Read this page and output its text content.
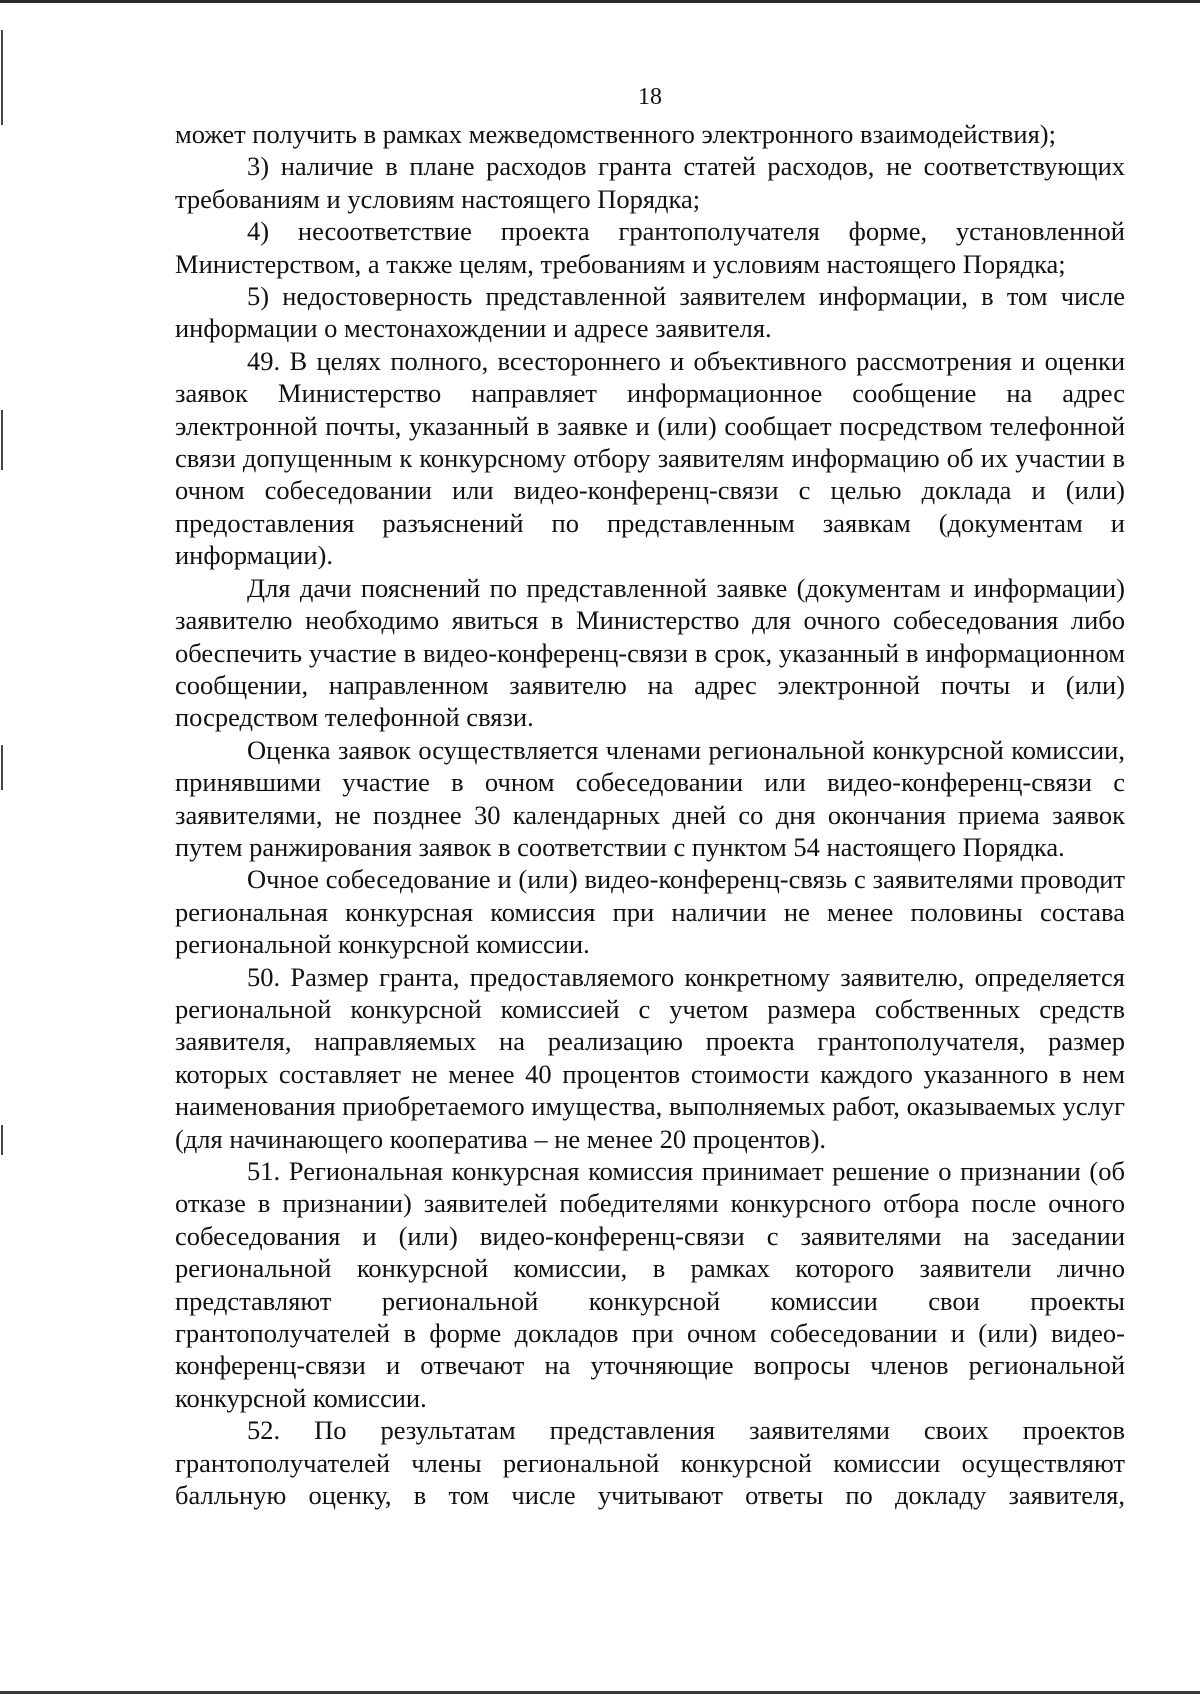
18

может получить в рамках межведомственного электронного взаимодействия);

3) наличие в плане расходов гранта статей расходов, не соответствующих требованиям и условиям настоящего Порядка;

4) несоответствие проекта грантополучателя форме, установленной Министерством, а также целям, требованиям и условиям настоящего Порядка;

5) недостоверность представленной заявителем информации, в том числе информации о местонахождении и адресе заявителя.

49. В целях полного, всестороннего и объективного рассмотрения и оценки заявок Министерство направляет информационное сообщение на адрес электронной почты, указанный в заявке и (или) сообщает посредством телефонной связи допущенным к конкурсному отбору заявителям информацию об их участии в очном собеседовании или видео-конференц-связи с целью доклада и (или) предоставления разъяснений по представленным заявкам (документам и информации).

Для дачи пояснений по представленной заявке (документам и информации) заявителю необходимо явиться в Министерство для очного собеседования либо обеспечить участие в видео-конференц-связи в срок, указанный в информационном сообщении, направленном заявителю на адрес электронной почты и (или) посредством телефонной связи.

Оценка заявок осуществляется членами региональной конкурсной комиссии, принявшими участие в очном собеседовании или видео-конференц-связи с заявителями, не позднее 30 календарных дней со дня окончания приема заявок путем ранжирования заявок в соответствии с пунктом 54 настоящего Порядка.

Очное собеседование и (или) видео-конференц-связь с заявителями проводит региональная конкурсная комиссия при наличии не менее половины состава региональной конкурсной комиссии.

50. Размер гранта, предоставляемого конкретному заявителю, определяется региональной конкурсной комиссией с учетом размера собственных средств заявителя, направляемых на реализацию проекта грантополучателя, размер которых составляет не менее 40 процентов стоимости каждого указанного в нем наименования приобретаемого имущества, выполняемых работ, оказываемых услуг (для начинающего кооператива – не менее 20 процентов).

51. Региональная конкурсная комиссия принимает решение о признании (об отказе в признании) заявителей победителями конкурсного отбора после очного собеседования и (или) видео-конференц-связи с заявителями на заседании региональной конкурсной комиссии, в рамках которого заявители лично представляют региональной конкурсной комиссии свои проекты грантополучателей в форме докладов при очном собеседовании и (или) видео-конференц-связи и отвечают на уточняющие вопросы членов региональной конкурсной комиссии.

52. По результатам представления заявителями своих проектов грантополучателей члены региональной конкурсной комиссии осуществляют балльную оценку, в том числе учитывают ответы по докладу заявителя,
